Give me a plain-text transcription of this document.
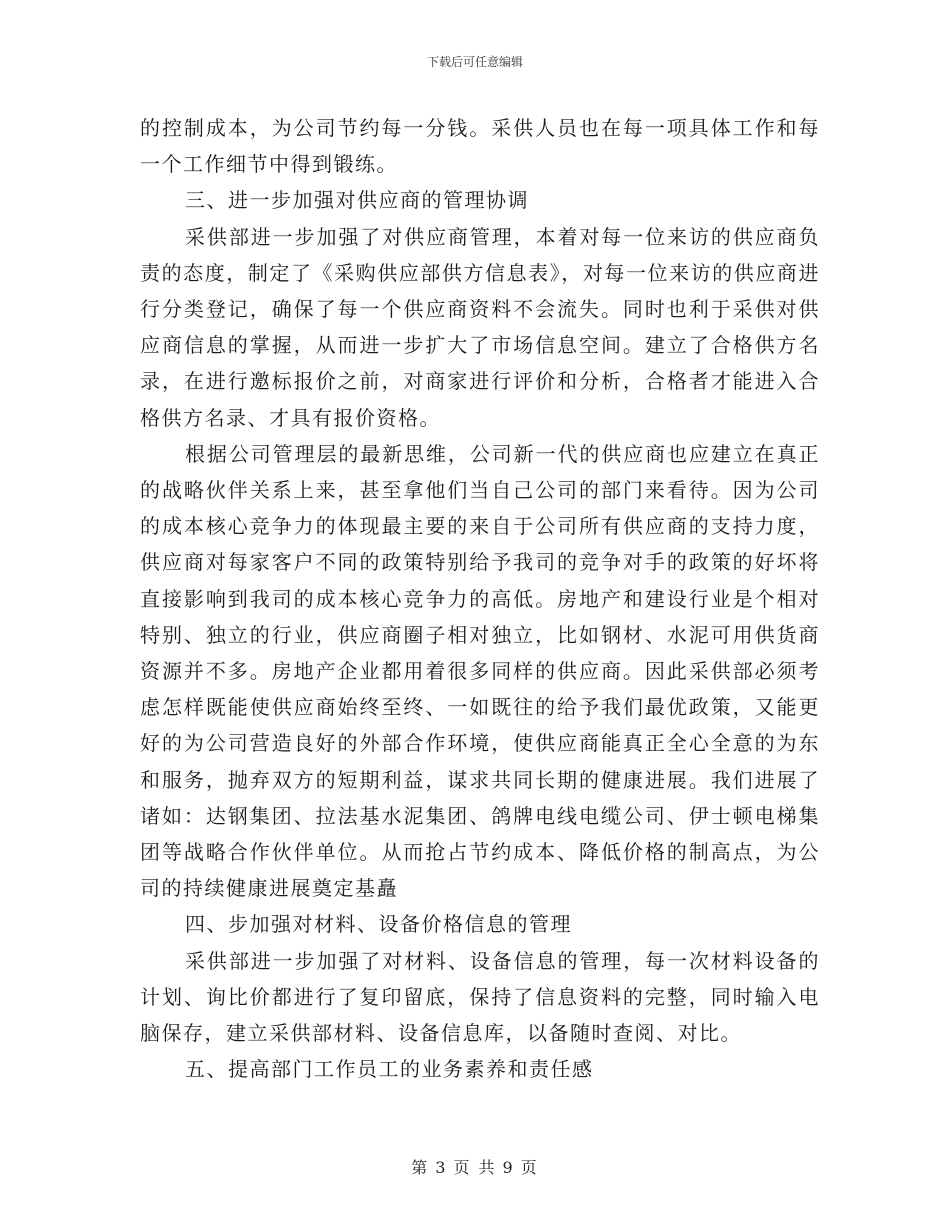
下载后可任意编辑

的控制成本，为公司节约每一分钱。采供人员也在每一项具体工作和每一个工作细节中得到锻练。

三、进一步加强对供应商的管理协调

采供部进一步加强了对供应商管理，本着对每一位来访的供应商负责的态度，制定了《采购供应部供方信息表》，对每一位来访的供应商进行分类登记，确保了每一个供应商资料不会流失。同时也利于采供对供应商信息的掌握，从而进一步扩大了市场信息空间。建立了合格供方名录，在进行邀标报价之前，对商家进行评价和分析，合格者才能进入合格供方名录、才具有报价资格。

根据公司管理层的最新思维，公司新一代的供应商也应建立在真正的战略伙伴关系上来，甚至拿他们当自己公司的部门来看待。因为公司的成本核心竞争力的体现最主要的来自于公司所有供应商的支持力度，供应商对每家客户不同的政策特别给予我司的竞争对手的政策的好坏将直接影响到我司的成本核心竞争力的高低。房地产和建设行业是个相对特别、独立的行业，供应商圈子相对独立，比如钢材、水泥可用供货商资源并不多。房地产企业都用着很多同样的供应商。因此采供部必须考虑怎样既能使供应商始终至终、一如既往的给予我们最优政策，又能更好的为公司营造良好的外部合作环境，使供应商能真正全心全意的为东和服务，抛弃双方的短期利益，谋求共同长期的健康进展。我们进展了诸如：达钢集团、拉法基水泥集团、鸽牌电线电缆公司、伊士顿电梯集团等战略合作伙伴单位。从而抢占节约成本、降低价格的制高点，为公司的持续健康进展奠定基矗

四、步加强对材料、设备价格信息的管理

采供部进一步加强了对材料、设备信息的管理，每一次材料设备的计划、询比价都进行了复印留底，保持了信息资料的完整，同时输入电脑保存，建立采供部材料、设备信息库，以备随时查阅、对比。

五、提高部门工作员工的业务素养和责任感

第 3 页 共 9 页
